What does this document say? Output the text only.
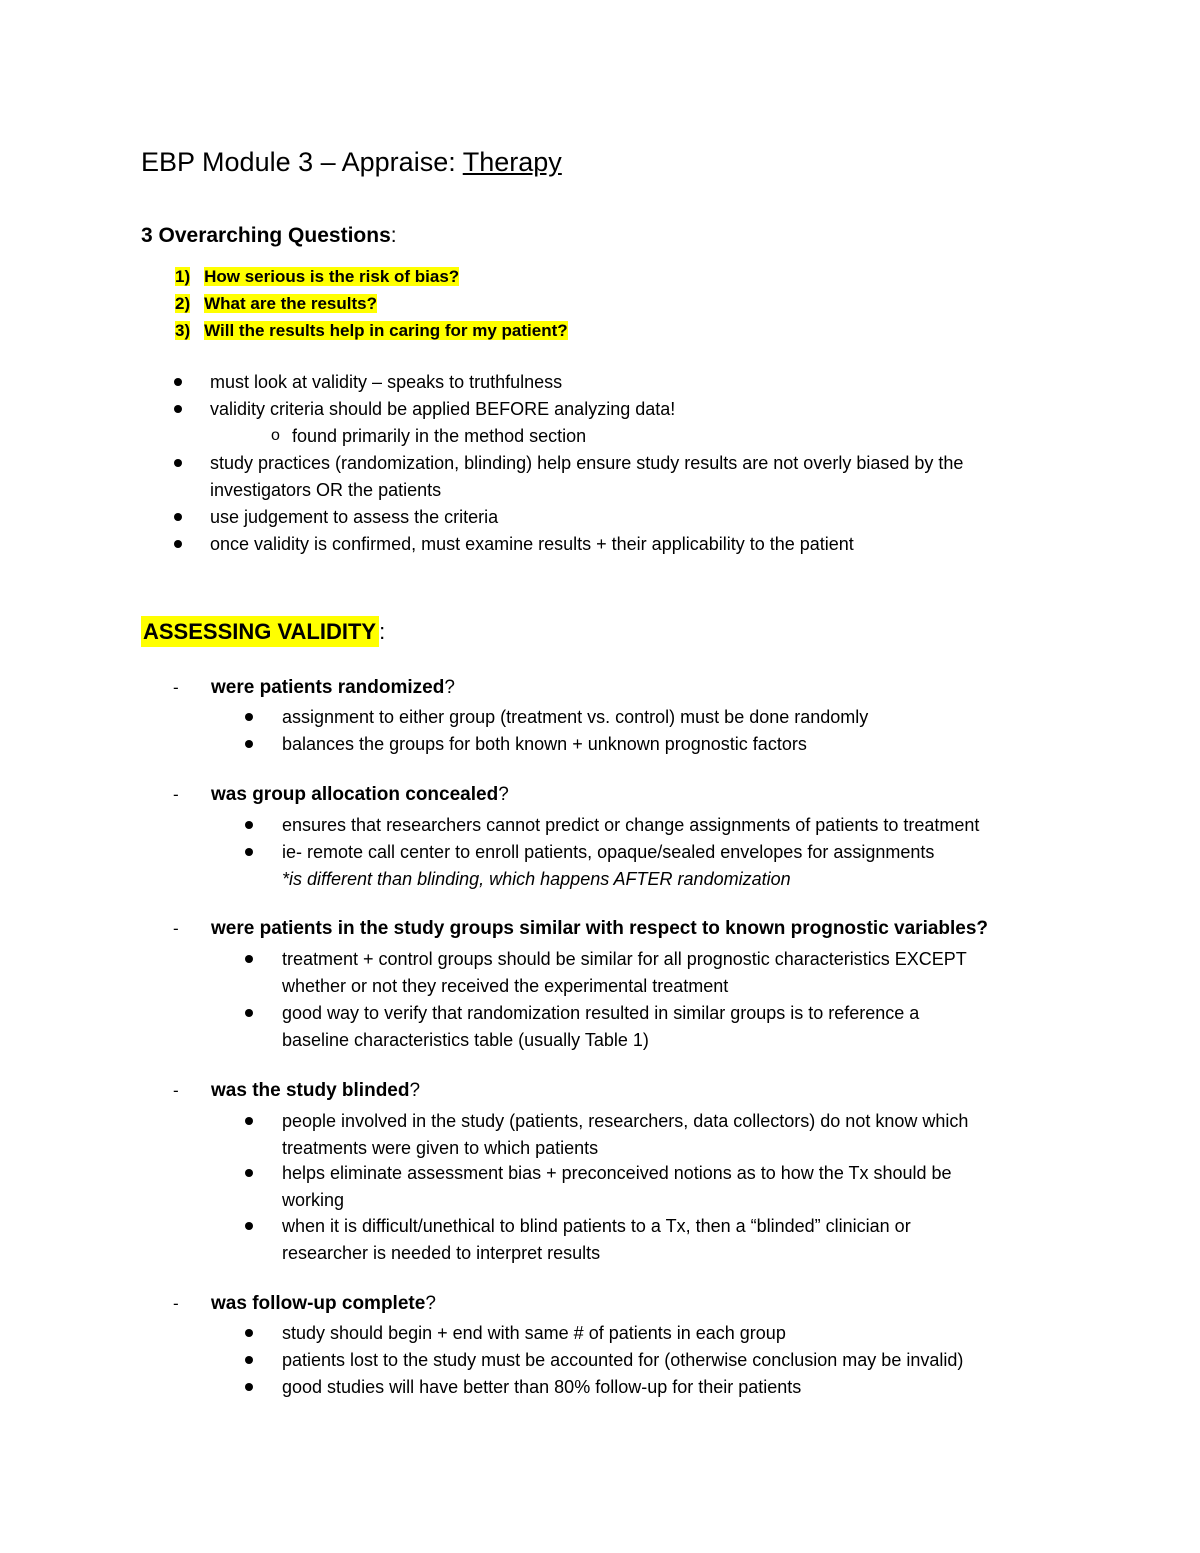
EBP Module 3 – Appraise: Therapy
3 Overarching Questions:
1) How serious is the risk of bias?
2) What are the results?
3) Will the results help in caring for my patient?
must look at validity – speaks to truthfulness
validity criteria should be applied BEFORE analyzing data!
o found primarily in the method section
study practices (randomization, blinding) help ensure study results are not overly biased by the
investigators OR the patients
use judgement to assess the criteria
once validity is confirmed, must examine results + their applicability to the patient
ASSESSING VALIDITY :
- were patients randomized?
assignment to either group (treatment vs. control) must be done randomly
balances the groups for both known + unknown prognostic factors
- was group allocation concealed?
ensures that researchers cannot predict or change assignments of patients to treatment
ie- remote call center to enroll patients, opaque/sealed envelopes for assignments
*is different than blinding, which happens AFTER randomization
- were patients in the study groups similar with respect to known prognostic variables?
treatment + control groups should be similar for all prognostic characteristics EXCEPT
whether or not they received the experimental treatment
good way to verify that randomization resulted in similar groups is to reference a
baseline characteristics table (usually Table 1)
- was the study blinded?
people involved in the study (patients, researchers, data collectors) do not know which
treatments were given to which patients
helps eliminate assessment bias + preconceived notions as to how the Tx should be
working
when it is difficult/unethical to blind patients to a Tx, then a “blinded” clinician or
researcher is needed to interpret results
- was follow-up complete?
study should begin + end with same # of patients in each group
patients lost to the study must be accounted for (otherwise conclusion may be invalid)
good studies will have better than 80% follow-up for their patients
